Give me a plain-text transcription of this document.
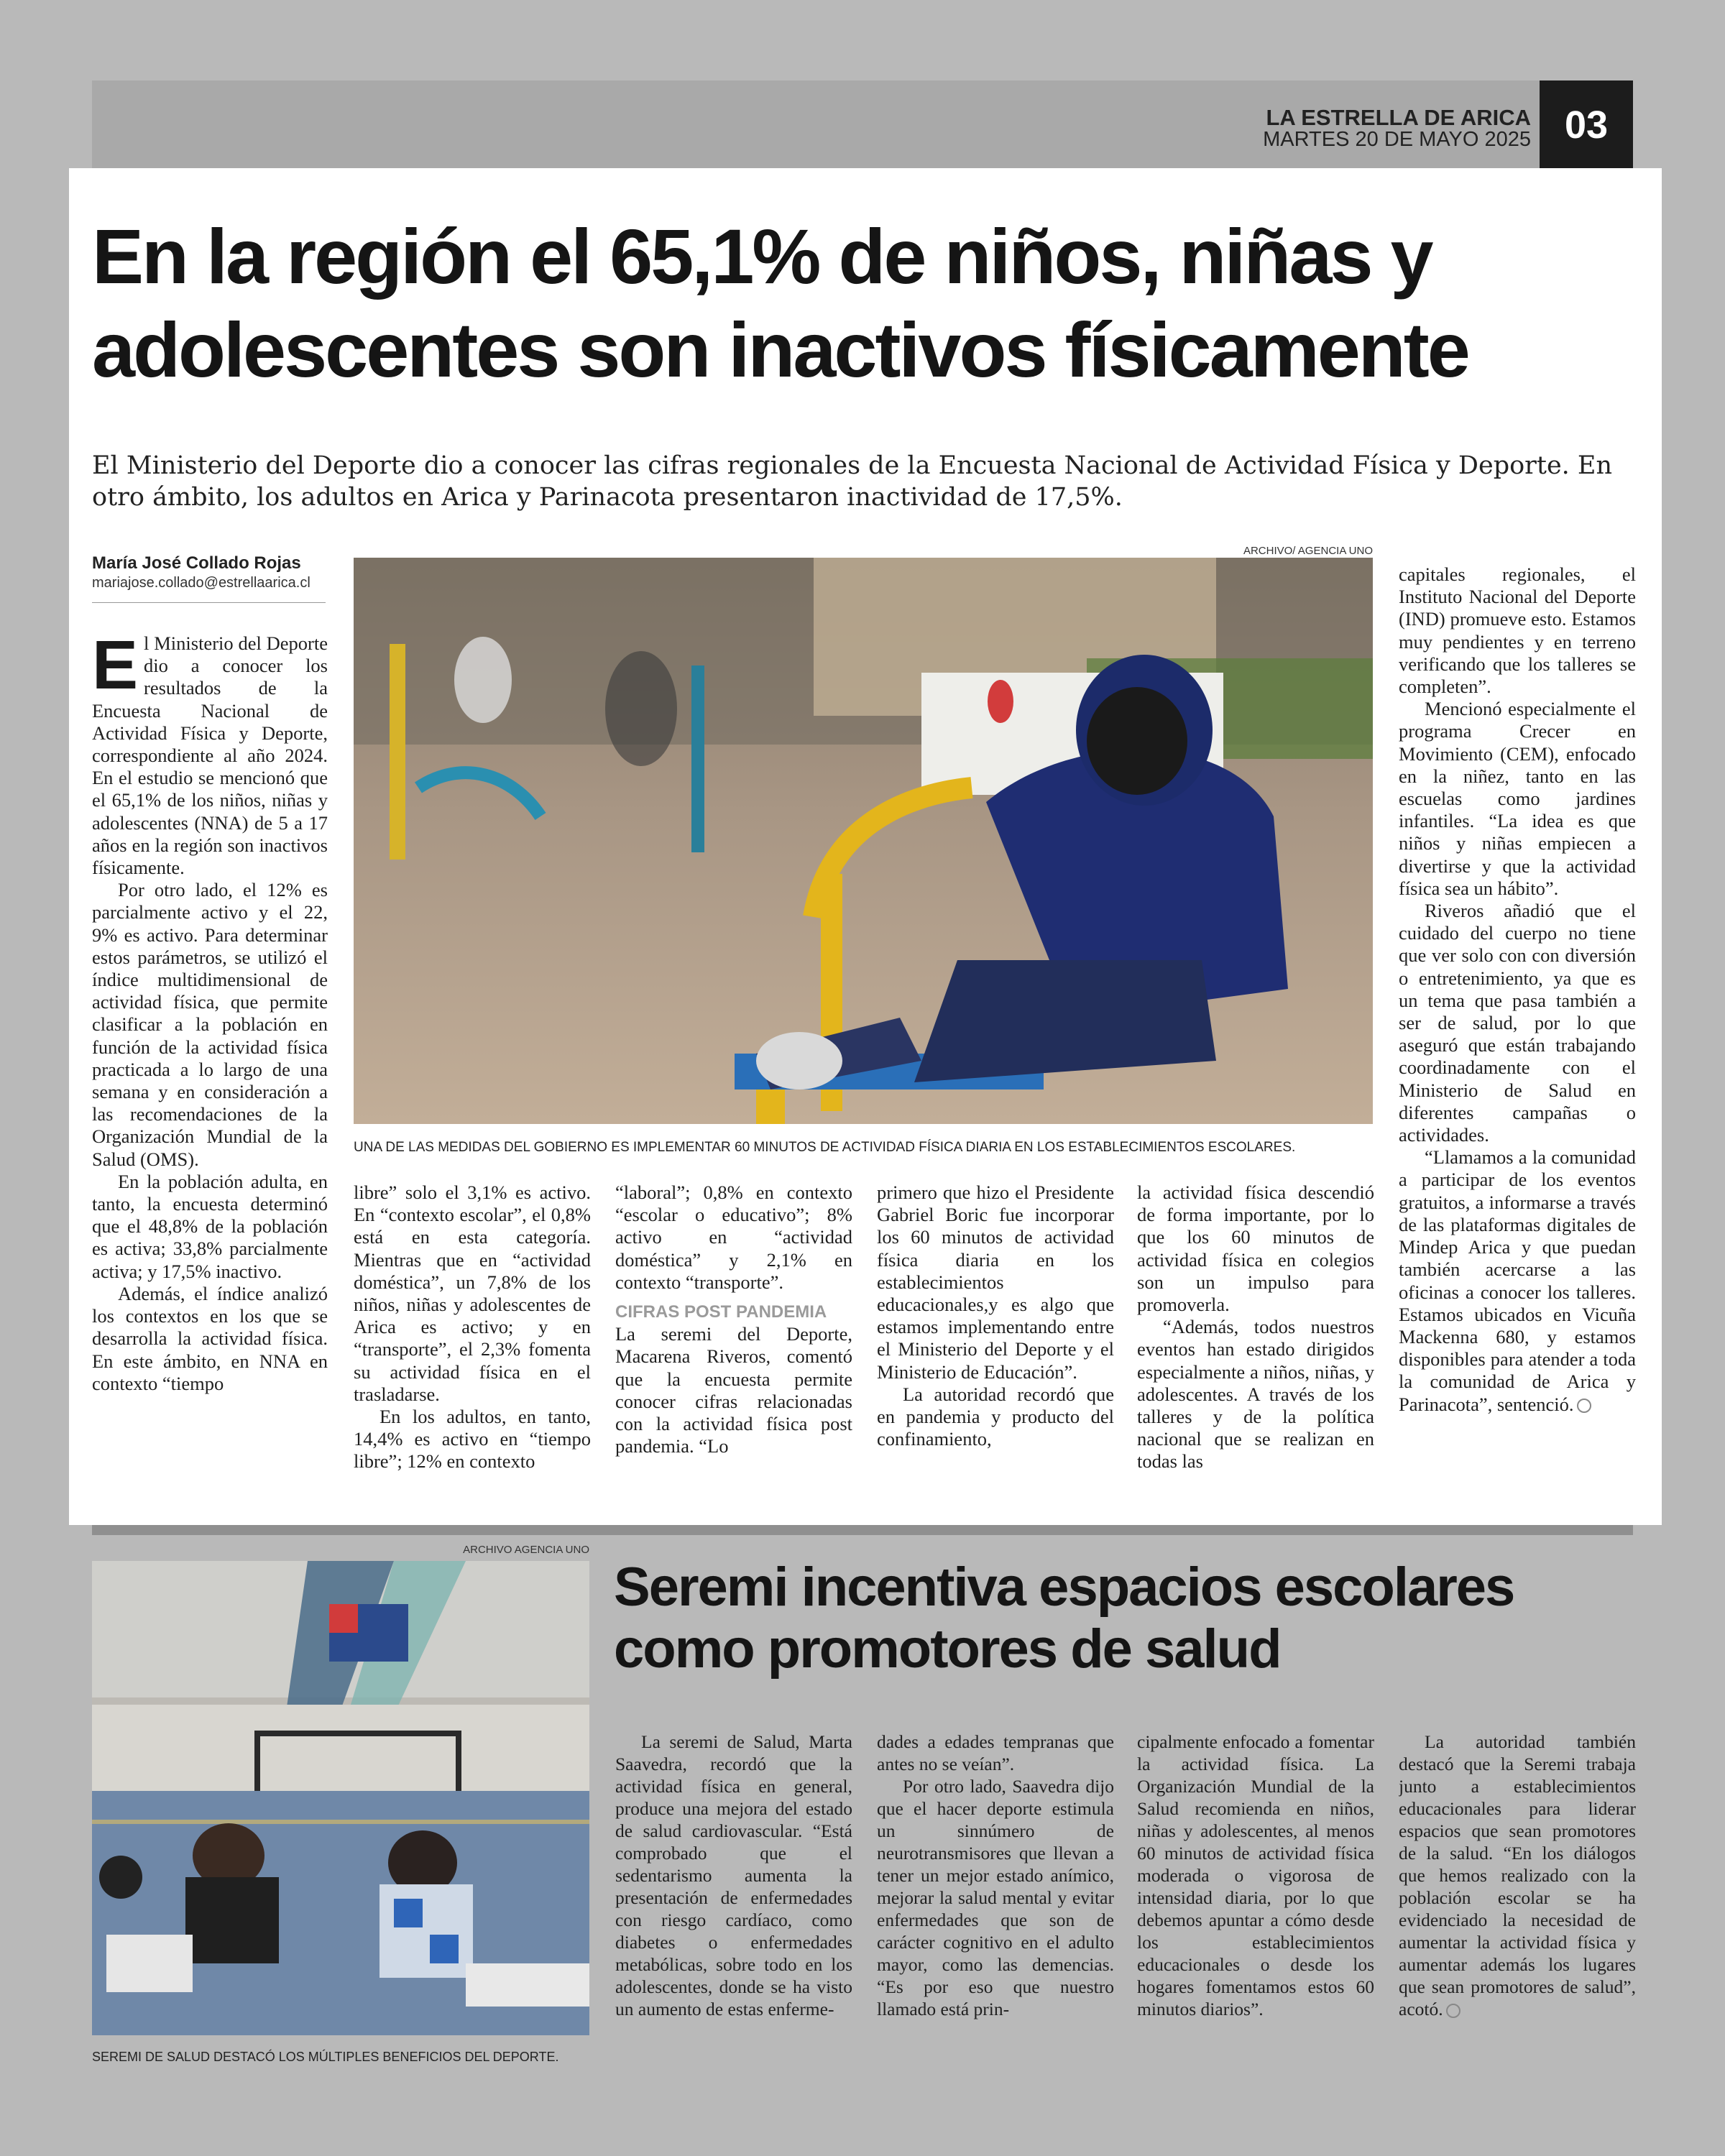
LA ESTRELLA DE ARICA
MARTES 20 DE MAYO 2025 03
En la región el 65,1% de niños, niñas y adolescentes son inactivos físicamente

El Ministerio del Deporte dio a conocer las cifras regionales de la Encuesta Nacional de Actividad Física y Deporte. En otro ámbito, los adultos en Arica y Parinacota presentaron inactividad de 17,5%.

María José Collado Rojas
mariajose.collado@estrellaarica.cl
ARCHIVO/ AGENCIA UNO
UNA DE LAS MEDIDAS DEL GOBIERNO ES IMPLEMENTAR 60 MINUTOS DE ACTIVIDAD FÍSICA DIARIA EN LOS ESTABLECIMIENTOS ESCOLARES.
E l Ministerio del Deporte dio a conocer los resultados de la Encuesta Nacional de Actividad Física y Deporte, correspondiente al año 2024. En el estudio se mencionó que el 65,1% de los niños, niñas y adolescentes (NNA) de 5 a 17 años en la región son inactivos físicamente.

Por otro lado, el 12% es parcialmente activo y el 22, 9% es activo. Para determinar estos parámetros, se utilizó el índice multidimensional de actividad física, que permite clasificar a la población en función de la actividad física practicada a lo largo de una semana y en consideración a las recomendaciones de la Organización Mundial de la Salud (OMS).

En la población adulta, en tanto, la encuesta determinó que el 48,8% de la población es activa; 33,8% parcialmente activa; y 17,5% inactivo.

Además, el índice analizó los contextos en los que se desarrolla la actividad física. En este ámbito, en NNA en contexto “tiempo

libre” solo el 3,1% es activo. En “contexto escolar”, el 0,8% está en esta categoría. Mientras que en “actividad doméstica”, un 7,8% de los niños, niñas y adolescentes de Arica es activo; y en “transporte”, el 2,3% fomenta su actividad física en el trasladarse.

En los adultos, en tanto, 14,4% es activo en “tiempo libre”; 12% en contexto

“laboral”; 0,8% en contexto “escolar o educativo”; 8% activo en “actividad doméstica” y 2,1% en contexto “transporte”.

CIFRAS POST PANDEMIA

La seremi del Deporte, Macarena Riveros, comentó que la encuesta permite conocer cifras relacionadas con la actividad física post pandemia. “Lo

primero que hizo el Presidente Gabriel Boric fue incorporar los 60 minutos de actividad física diaria en los establecimientos educacionales,y es algo que estamos implementando entre el Ministerio del Deporte y el Ministerio de Educación”.

La autoridad recordó que en pandemia y producto del confinamiento,

la actividad física descendió de forma importante, por lo que los 60 minutos de actividad física en colegios son un impulso para promoverla.

“Además, todos nuestros eventos han estado dirigidos especialmente a niños, niñas, y adolescentes. A través de los talleres y de la política nacional que se realizan en todas las

capitales regionales, el Instituto Nacional del Deporte (IND) promueve esto. Estamos muy pendientes y en terreno verificando que los talleres se completen”.

Mencionó especialmente el programa Crecer en Movimiento (CEM), enfocado en la niñez, tanto en las escuelas como jardines infantiles. “La idea es que niños y niñas empiecen a divertirse y que la actividad física sea un hábito”.

Riveros añadió que el cuidado del cuerpo no tiene que ver solo con con diversión o entretenimiento, ya que es un tema que pasa también a ser de salud, por lo que aseguró que están trabajando coordinadamente con el Ministerio de Salud en diferentes campañas o actividades.

“Llamamos a la comunidad a participar de los eventos gratuitos, a informarse a través de las plataformas digitales de Mindep Arica y que puedan también acercarse a las oficinas a conocer los talleres. Estamos ubicados en Vicuña Mackenna 680, y estamos disponibles para atender a toda la comunidad de Arica y Parinacota”, sentenció.

ARCHIVO AGENCIA UNO
SEREMI DE SALUD DESTACÓ LOS MÚLTIPLES BENEFICIOS DEL DEPORTE.
Seremi incentiva espacios escolares como promotores de salud

La seremi de Salud, Marta Saavedra, recordó que la actividad física en general, produce una mejora del estado de salud cardiovascular. “Está comprobado que el sedentarismo aumenta la presentación de enfermedades con riesgo cardíaco, como diabetes o enfermedades metabólicas, sobre todo en los adolescentes, donde se ha visto un aumento de estas enferme-

dades a edades tempranas que antes no se veían”.

Por otro lado, Saavedra dijo que el hacer deporte estimula un sinnúmero de neurotransmisores que llevan a tener un mejor estado anímico, mejorar la salud mental y evitar enfermedades que son de carácter cognitivo en el adulto mayor, como las demencias. “Es por eso que nuestro llamado está prin-

cipalmente enfocado a fomentar la actividad física. La Organización Mundial de la Salud recomienda en niños, niñas y adolescentes, al menos 60 minutos de actividad física moderada o vigorosa de intensidad diaria, por lo que debemos apuntar a cómo desde los establecimientos educacionales o desde los hogares fomentamos estos 60 minutos diarios”.

La autoridad también destacó que la Seremi trabaja junto a establecimientos educacionales para liderar espacios que sean promotores de la salud. “En los diálogos que hemos realizado con la población escolar se ha evidenciado la necesidad de aumentar la actividad física y aumentar además los lugares que sean promotores de salud”, acotó.
